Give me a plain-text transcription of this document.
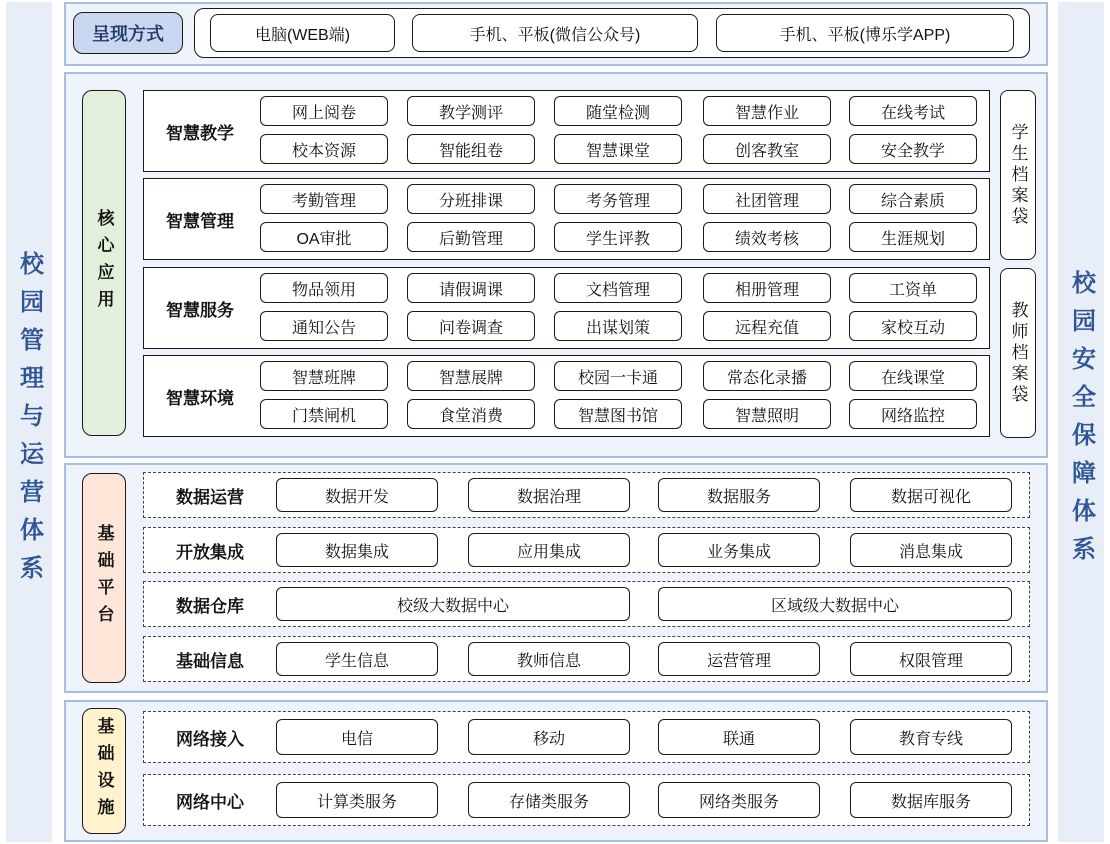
校园管理与运营体系	校园安全保障体系
呈现方式	电脑(WEB端)	手机、平板(微信公众号)	手机、平板(博乐学APP)
核心应用
学生档案袋
教师档案袋
智慧教学
网上阅卷	教学测评	随堂检测	智慧作业	在线考试
校本资源	智能组卷	智慧课堂	创客教室	安全教学
智慧管理
考勤管理	分班排课	考务管理	社团管理	综合素质
OA审批	后勤管理	学生评教	绩效考核	生涯规划
智慧服务
物品领用	请假调课	文档管理	相册管理	工资单
通知公告	问卷调查	出谋划策	远程充值	家校互动
智慧环境
智慧班牌	智慧展牌	校园一卡通	常态化录播	在线课堂
门禁闸机	食堂消费	智慧图书馆	智慧照明	网络监控
基础平台
数据运营	数据开发	数据治理	数据服务	数据可视化
开放集成	数据集成	应用集成	业务集成	消息集成
数据仓库	校级大数据中心	区域级大数据中心
基础信息	学生信息	教师信息	运营管理	权限管理
基础设施	网络接入	电信	移动	联通	教育专线
网络中心	计算类服务	存储类服务	网络类服务	数据库服务
